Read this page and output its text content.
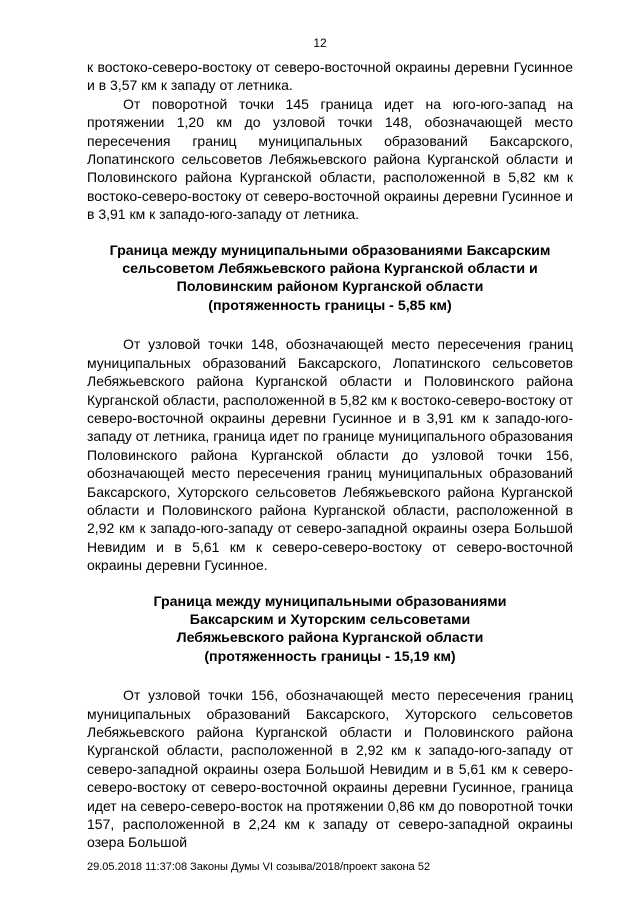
12

к востоко-северо-востоку от северо-восточной окраины деревни Гусинное и в 3,57 км к западу от летника.

От поворотной точки 145 граница идет на юго-юго-запад на протяжении 1,20 км до узловой точки 148, обозначающей место пересечения границ муниципальных образований Баксарского, Лопатинского сельсоветов Лебяжьевского района Курганской области и Половинского района Курганской области, расположенной в 5,82 км к востоко-северо-востоку от северо-восточной окраины деревни Гусинное и в 3,91 км к западо-юго-западу от летника.

Граница между муниципальными образованиями Баксарским

сельсоветом Лебяжьевского района Курганской области и

Половинским районом Курганской области

(протяженность границы - 5,85 км)

От узловой точки 148, обозначающей место пересечения границ муниципальных образований Баксарского, Лопатинского сельсоветов Лебяжьевского района Курганской области и Половинского района Курганской области, расположенной в 5,82 км к востоко-северо-востоку от северо-восточной окраины деревни Гусинное и в 3,91 км к западо-юго-западу от летника, граница идет по границе муниципального образования Половинского района Курганской области до узловой точки 156, обозначающей место пересечения границ муниципальных образований Баксарского, Хуторского сельсоветов Лебяжьевского района Курганской области и Половинского района Курганской области, расположенной в 2,92 км к западо-юго-западу от северо-западной окраины озера Большой Невидим и в 5,61 км к северо-северо-востоку от северо-восточной окраины деревни Гусинное.

Граница между муниципальными образованиями

Баксарским и Хуторским сельсоветами

Лебяжьевского района Курганской области

(протяженность границы - 15,19 км)

От узловой точки 156, обозначающей место пересечения границ муниципальных образований Баксарского, Хуторского сельсоветов Лебяжьевского района Курганской области и Половинского района Курганской области, расположенной в 2,92 км к западо-юго-западу от северо-западной окраины озера Большой Невидим и в 5,61 км к северо-северо-востоку от северо-восточной окраины деревни Гусинное, граница идет на северо-северо-восток на протяжении 0,86 км до поворотной точки 157, расположенной в 2,24 км к западу от северо-западной окраины озера Большой

29.05.2018 11:37:08 Законы Думы VI созыва/2018/проект закона 52
